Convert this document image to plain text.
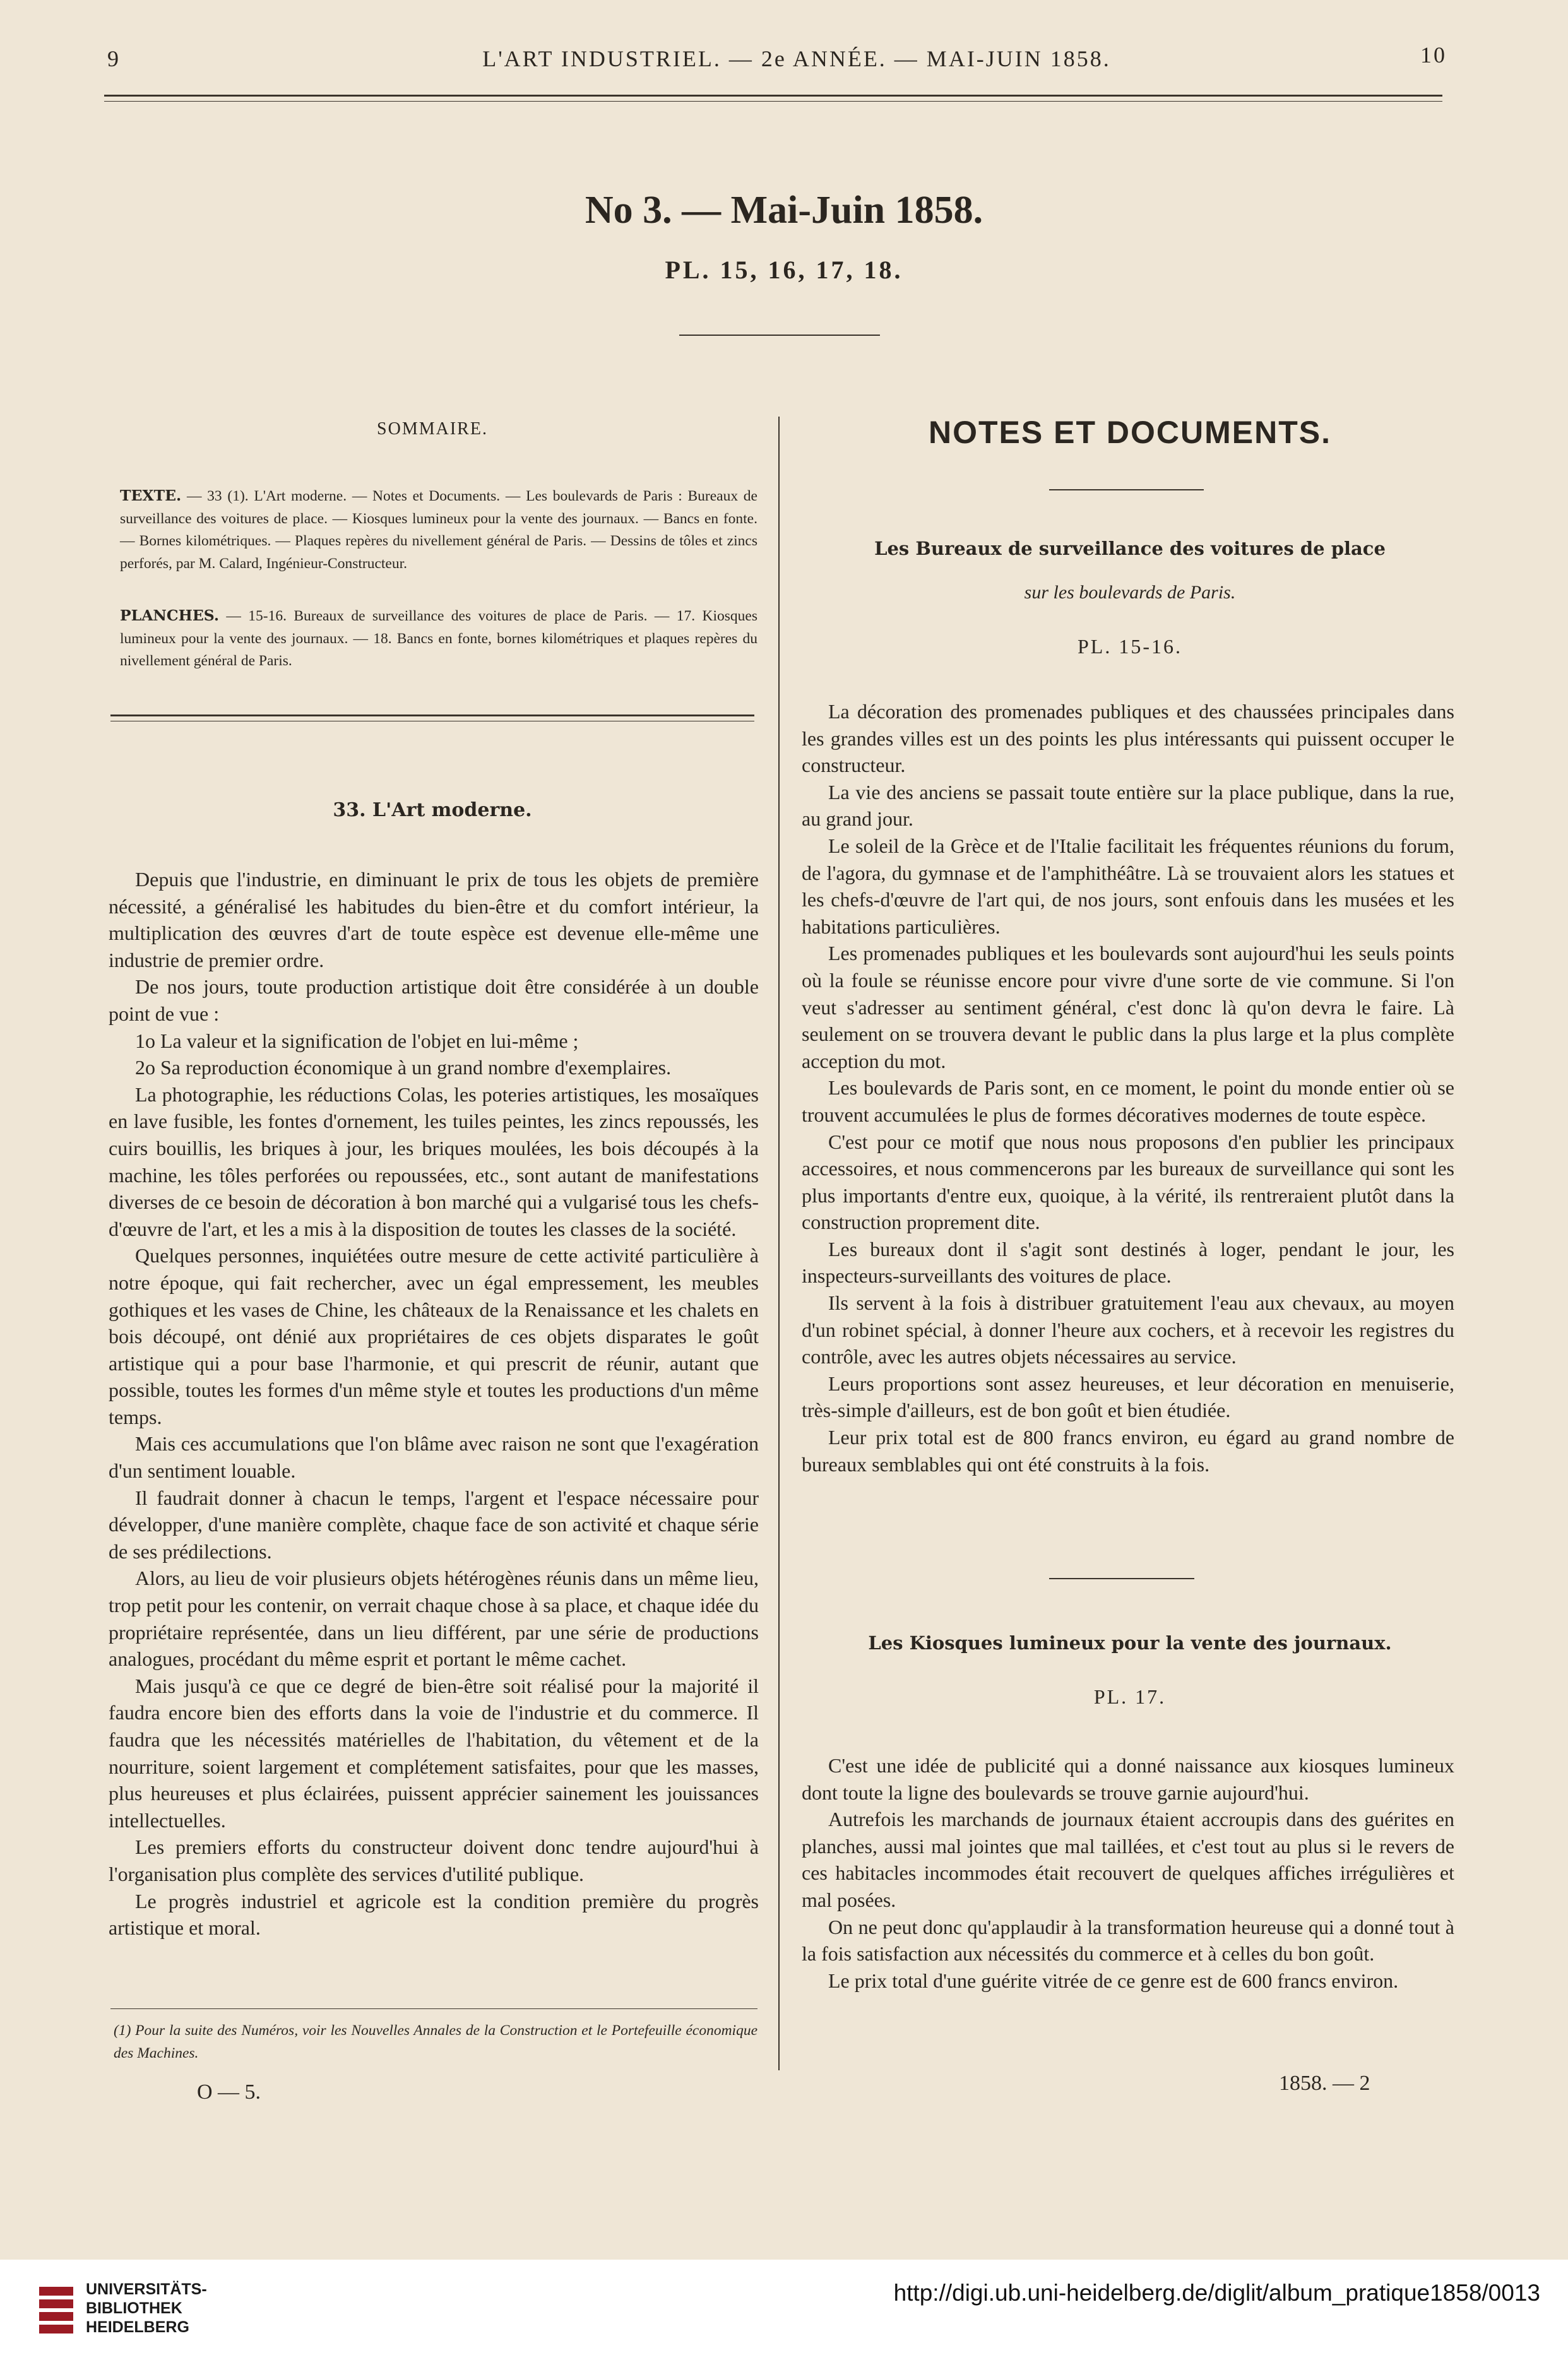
9	L'ART INDUSTRIEL. — 2e ANNÉE. — MAI-JUIN 1858.	10
No 3. — Mai-Juin 1858.
PL. 15, 16, 17, 18.
SOMMAIRE.

TEXTE. — 33 (1). L'Art moderne. — Notes et Documents. — Les boulevards de Paris : Bureaux de surveillance des voitures de place. — Kiosques lumineux pour la vente des journaux. — Bancs en fonte. — Bornes kilométriques. — Plaques repères du nivellement général de Paris. — Dessins de tôles et zincs perforés, par M. Calard, Ingénieur-Constructeur.

PLANCHES. — 15-16. Bureaux de surveillance des voitures de place de Paris. — 17. Kiosques lumineux pour la vente des journaux. — 18. Bancs en fonte, bornes kilométriques et plaques repères du nivellement général de Paris.

33. L'Art moderne.

Depuis que l'industrie, en diminuant le prix de tous les objets de première nécessité, a généralisé les habitudes du bien-être et du comfort intérieur, la multiplication des œuvres d'art de toute espèce est devenue elle-même une industrie de premier ordre.

De nos jours, toute production artistique doit être considérée à un double point de vue :

1o La valeur et la signification de l'objet en lui-même ;

2o Sa reproduction économique à un grand nombre d'exemplaires.

La photographie, les réductions Colas, les poteries artistiques, les mosaïques en lave fusible, les fontes d'ornement, les tuiles peintes, les zincs repoussés, les cuirs bouillis, les briques à jour, les briques moulées, les bois découpés à la machine, les tôles perforées ou repoussées, etc., sont autant de manifestations diverses de ce besoin de décoration à bon marché qui a vulgarisé tous les chefs-d'œuvre de l'art, et les a mis à la disposition de toutes les classes de la société.

Quelques personnes, inquiétées outre mesure de cette activité particulière à notre époque, qui fait rechercher, avec un égal empressement, les meubles gothiques et les vases de Chine, les châteaux de la Renaissance et les chalets en bois découpé, ont dénié aux propriétaires de ces objets disparates le goût artistique qui a pour base l'harmonie, et qui prescrit de réunir, autant que possible, toutes les formes d'un même style et toutes les productions d'un même temps.

Mais ces accumulations que l'on blâme avec raison ne sont que l'exagération d'un sentiment louable.

Il faudrait donner à chacun le temps, l'argent et l'espace nécessaire pour développer, d'une manière complète, chaque face de son activité et chaque série de ses prédilections.

Alors, au lieu de voir plusieurs objets hétérogènes réunis dans un même lieu, trop petit pour les contenir, on verrait chaque chose à sa place, et chaque idée du propriétaire représentée, dans un lieu différent, par une série de productions analogues, procédant du même esprit et portant le même cachet.

Mais jusqu'à ce que ce degré de bien-être soit réalisé pour la majorité il faudra encore bien des efforts dans la voie de l'industrie et du commerce. Il faudra que les nécessités matérielles de l'habitation, du vêtement et de la nourriture, soient largement et complétement satisfaites, pour que les masses, plus heureuses et plus éclairées, puissent apprécier sainement les jouissances intellectuelles.

Les premiers efforts du constructeur doivent donc tendre aujourd'hui à l'organisation plus complète des services d'utilité publique.

Le progrès industriel et agricole est la condition première du progrès artistique et moral.

(1) Pour la suite des Numéros, voir les Nouvelles Annales de la Construction et le Portefeuille économique des Machines.

O — 5.
NOTES ET DOCUMENTS.
Les Bureaux de surveillance des voitures de place
sur les boulevards de Paris.
PL. 15-16.

La décoration des promenades publiques et des chaussées principales dans les grandes villes est un des points les plus intéressants qui puissent occuper le constructeur.

La vie des anciens se passait toute entière sur la place publique, dans la rue, au grand jour.

Le soleil de la Grèce et de l'Italie facilitait les fréquentes réunions du forum, de l'agora, du gymnase et de l'amphithéâtre. Là se trouvaient alors les statues et les chefs-d'œuvre de l'art qui, de nos jours, sont enfouis dans les musées et les habitations particulières.

Les promenades publiques et les boulevards sont aujourd'hui les seuls points où la foule se réunisse encore pour vivre d'une sorte de vie commune. Si l'on veut s'adresser au sentiment général, c'est donc là qu'on devra le faire. Là seulement on se trouvera devant le public dans la plus large et la plus complète acception du mot.

Les boulevards de Paris sont, en ce moment, le point du monde entier où se trouvent accumulées le plus de formes décoratives modernes de toute espèce.

C'est pour ce motif que nous nous proposons d'en publier les principaux accessoires, et nous commencerons par les bureaux de surveillance qui sont les plus importants d'entre eux, quoique, à la vérité, ils rentreraient plutôt dans la construction proprement dite.

Les bureaux dont il s'agit sont destinés à loger, pendant le jour, les inspecteurs-surveillants des voitures de place.

Ils servent à la fois à distribuer gratuitement l'eau aux chevaux, au moyen d'un robinet spécial, à donner l'heure aux cochers, et à recevoir les registres du contrôle, avec les autres objets nécessaires au service.

Leurs proportions sont assez heureuses, et leur décoration en menuiserie, très-simple d'ailleurs, est de bon goût et bien étudiée.

Leur prix total est de 800 francs environ, eu égard au grand nombre de bureaux semblables qui ont été construits à la fois.

Les Kiosques lumineux pour la vente des journaux.
PL. 17.

C'est une idée de publicité qui a donné naissance aux kiosques lumineux dont toute la ligne des boulevards se trouve garnie aujourd'hui.

Autrefois les marchands de journaux étaient accroupis dans des guérites en planches, aussi mal jointes que mal taillées, et c'est tout au plus si le revers de ces habitacles incommodes était recouvert de quelques affiches irrégulières et mal posées.

On ne peut donc qu'applaudir à la transformation heureuse qui a donné tout à la fois satisfaction aux nécessités du commerce et à celles du bon goût.

Le prix total d'une guérite vitrée de ce genre est de 600 francs environ.

1858. — 2
UNIVERSITÄTS-
BIBLIOTHEK
HEIDELBERG
http://digi.ub.uni-heidelberg.de/diglit/album_pratique1858/0013
